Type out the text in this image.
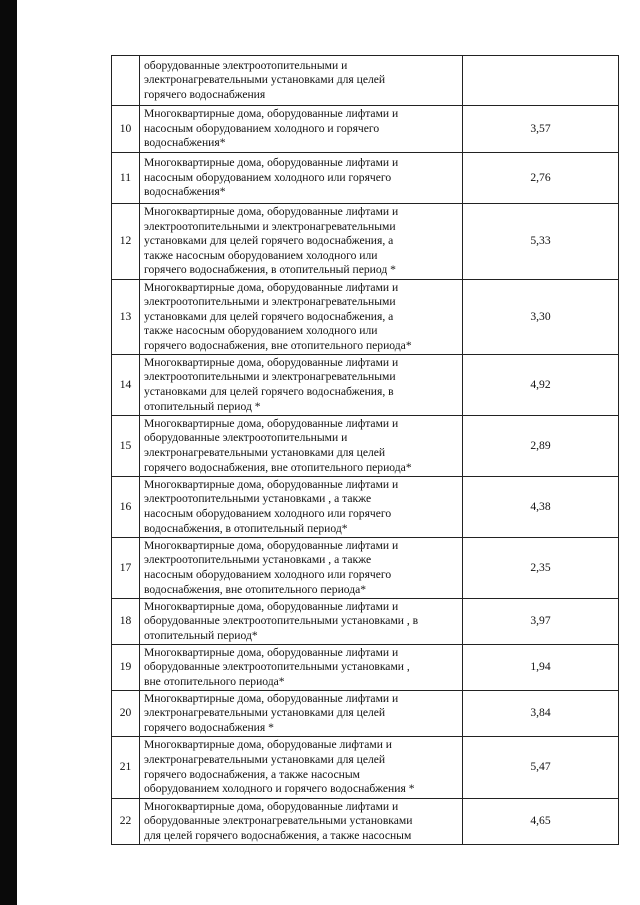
	оборудованные электроотопительными и
электронагревательными установками для целей
горячего водоснабжения	
10	Многоквартирные дома, оборудованные лифтами и
насосным оборудованием холодного и горячего
водоснабжения*	3,57
11	Многоквартирные дома, оборудованные лифтами и
насосным оборудованием холодного или горячего
водоснабжения*	2,76
12	Многоквартирные дома, оборудованные лифтами и
электроотопительными и электронагревательными
установками для целей горячего водоснабжения, а
также насосным оборудованием холодного или
горячего водоснабжения, в отопительный период *	5,33
13	Многоквартирные дома, оборудованные лифтами и
электроотопительными и электронагревательными
установками для целей горячего водоснабжения, а
также насосным оборудованием холодного или
горячего водоснабжения, вне отопительного периода*	3,30
14	Многоквартирные дома, оборудованные лифтами и
электроотопительными и электронагревательными
установками для целей горячего водоснабжения, в
отопительный период *	4,92
15	Многоквартирные дома, оборудованные лифтами и
оборудованные электроотопительными и
электронагревательными установками для целей
горячего водоснабжения, вне отопительного периода*	2,89
16	Многоквартирные дома, оборудованные лифтами и
электроотопительными установками , а также
насосным оборудованием холодного или горячего
водоснабжения, в отопительный период*	4,38
17	Многоквартирные дома, оборудованные лифтами и
электроотопительными установками , а также
насосным оборудованием холодного или горячего
водоснабжения, вне отопительного периода*	2,35
18	Многоквартирные дома, оборудованные лифтами и
оборудованные электроотопительными установками , в
отопительный период*	3,97
19	Многоквартирные дома, оборудованные лифтами и
оборудованные электроотопительными установками ,
вне отопительного периода*	1,94
20	Многоквартирные дома, оборудованные лифтами и
электронагревательными установками для целей
горячего водоснабжения *	3,84
21	Многоквартирные дома, оборудованые лифтами и
электронагревательными установками для целей
горячего водоснабжения, а также насосным
оборудованием холодного и горячего водоснабжения *	5,47
22	Многоквартирные дома, оборудованные лифтами и
оборудованные электронагревательными установками
для целей горячего водоснабжения, а также насосным	4,65
